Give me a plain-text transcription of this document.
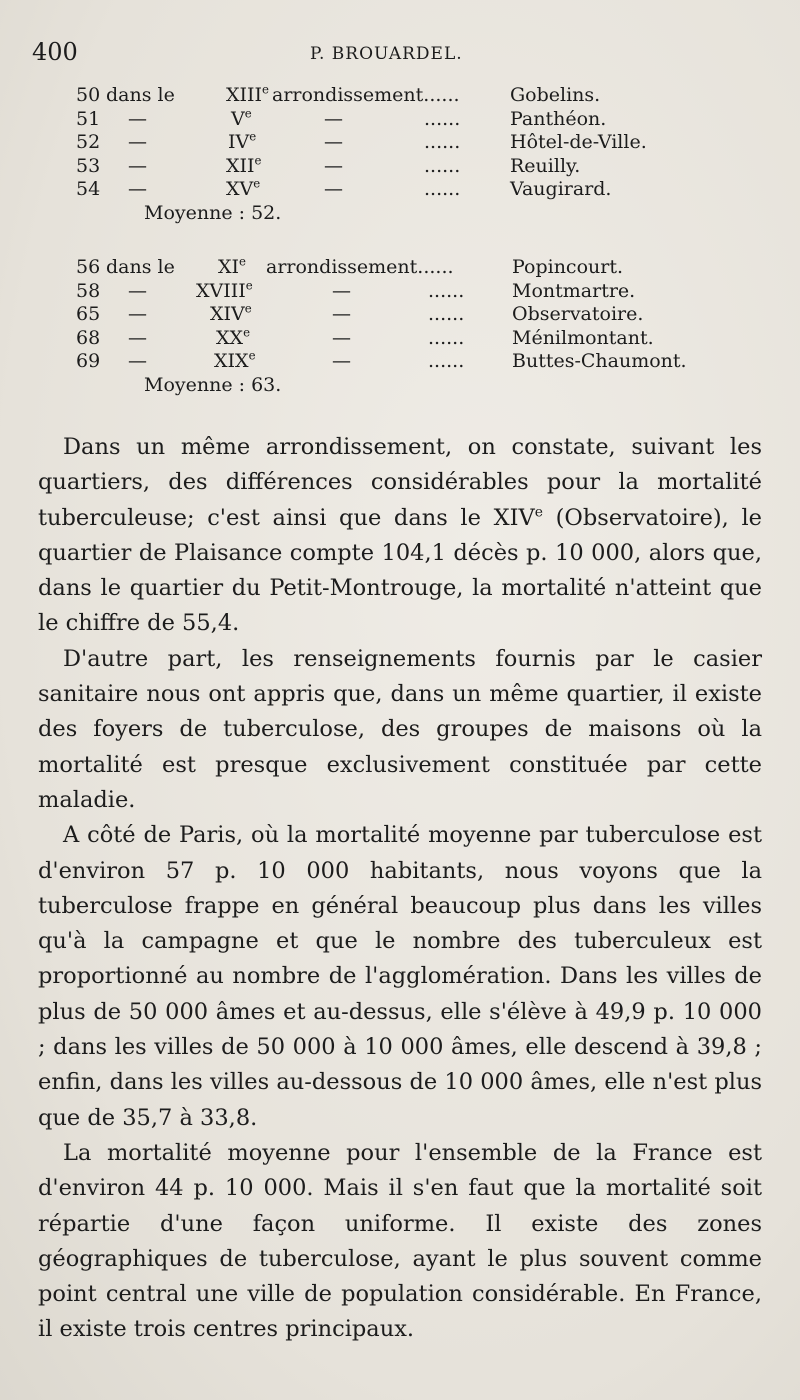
400	P. BROUARDEL.
50 dans le	XIIIe arrondissement......	Gobelins.
51 —	Ve	—	......	Panthéon.
52 —	IVe	—	......	Hôtel-de-Ville.
53 —	XIIe	—	......	Reuilly.
54 —	XVe	—	......	Vaugirard.
Moyenne : 52.
56 dans le XIe arrondissement......	Popincourt.
58 —	XVIIIe	—	......	Montmartre.
65 —	XIVe	—	......	Observatoire.
68 —	XXe	—	......	Ménilmontant.
69 —	XIXe	—	......	Buttes-Chaumont.
Moyenne : 63.

Dans un même arrondissement, on constate, suivant les quartiers, des différences considérables pour la mortalité tuberculeuse; c'est ainsi que dans le XIVe (Observatoire), le quartier de Plaisance compte 104,1 décès p. 10 000, alors que, dans le quartier du Petit-Montrouge, la mortalité n'atteint que le chiffre de 55,4.

D'autre part, les renseignements fournis par le casier sanitaire nous ont appris que, dans un même quartier, il existe des foyers de tuberculose, des groupes de maisons où la mortalité est presque exclusivement constituée par cette maladie.

A côté de Paris, où la mortalité moyenne par tuberculose est d'environ 57 p. 10 000 habitants, nous voyons que la tuberculose frappe en général beaucoup plus dans les villes qu'à la campagne et que le nombre des tuberculeux est proportionné au nombre de l'agglomération. Dans les villes de plus de 50 000 âmes et au-dessus, elle s'élève à 49,9 p. 10 000 ; dans les villes de 50 000 à 10 000 âmes, elle descend à 39,8 ; enfin, dans les villes au-dessous de 10 000 âmes, elle n'est plus que de 35,7 à 33,8.

La mortalité moyenne pour l'ensemble de la France est d'environ 44 p. 10 000. Mais il s'en faut que la mortalité soit répartie d'une façon uniforme. Il existe des zones géographiques de tuberculose, ayant le plus souvent comme point central une ville de population considérable. En France, il existe trois centres principaux.
